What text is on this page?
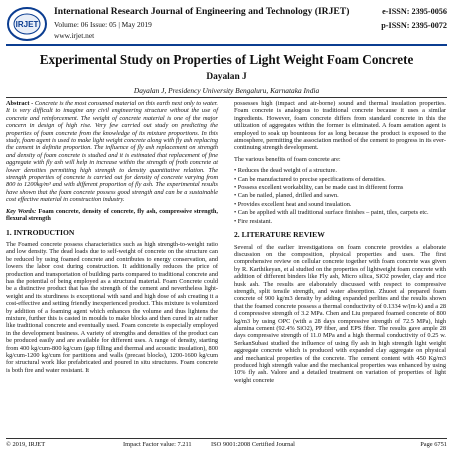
IRJET
International Research Journal of Engineering and Technology (IRJET)
Volume: 06 Issue: 05 | May 2019
www.irjet.net
e-ISSN: 2395-0056
p-ISSN: 2395-0072
Experimental Study on Properties of Light Weight Foam Concrete
Dayalan J
Dayalan J, Presidency University Bengaluru, Karnataka India

Abstract - Concrete is the most consumed material on this earth next only to water. It is very difficult to imagine any civil engineering structure without the use of concrete and reinforcement. The weight of concrete material is one of the major concern in design of high rise. Very few carried out study on predicting the properties of foam concrete from the knowledge of its mixture proportions. In this study, foam agent is used to make light weight concrete along with fly ash replacing the cement in definite proportion. The influence of fly ash replacement on strength and density of foam concrete is studied and it is estimated that replacement of fine aggregate with fly ash will help in increase within the strength of froth concrete at lower densities permitting high strength to density quantitative relation. The strength properties of concrete is carried out for density of concrete varying from 800 to 1200kg/m³ and with different proportion of fly ash. The experimental results have shown that the foam concrete possess good strength and can be a sustainable cost effective material in construction industry.

Key Words: Foam concrete, density of concrete, fly ash, compressive strength, flexural strength

1. INTRODUCTION

The Foamed concrete possess characteristics such as high strength-to-weight ratio and low density. The dead loads due to self-weight of concrete on the structure can be reduced by using foamed concrete and contributes to energy conservation, and lowers the labor cost during construction. It additionally reduces the price of production and transportation of building parts compared to traditional concrete and has the potential of being employed as a structural material. Foam Concrete could be a distinctive product that has the strength of the cement and nevertheless light-weight and its sturdiness is exceptional with sand and high dose of ash creating it a cost-effective and setting friendly inexperienced product. This mixture is volumized by addition of a foaming agent which enhances the volume and thus lightens the mixture, further this is casted in moulds to make blocks and then cured in air rather like traditional concrete and eventually used. Foam concrete is especially employed in the development business. A variety of strengths and densities of the product can be produced easily and are available for different uses. A range of density, starting from 400 kg/cum-800 kg/cum (gap filling and thermal and acoustic insulation), 800 kg/cum-1200 kg/cum for partitions and walls (precast blocks), 1200-1600 kg/cum for structural work like prefabricated and poured in situ structures. Foam concrete is both fire and water resistant. It

possesses high (impact and air-borne) sound and thermal insulation properties. Foam concrete is analogous to traditional concrete because it uses a similar ingredients. However, foam concrete differs from standard concrete in this the utilization of aggregates within the former is eliminated. A foam aeration agent is employed to soak up bounteous for as long because the product is exposed to the atmosphere, permitting the association method of the cement to progress in its ever-continuing strength development.

The various benefits of foam concrete are:

• Reduces the dead weight of a structure.
• Can be manufactured to precise specifications of densities.
• Possess excellent workability, can be made cast in different forms
• Can be nailed, planed, drilled and sawn.
• Provides excellent heat and sound insulation.
• Can be applied with all traditional surface finishes – paint, tiles, carpets etc.
• Fire resistant.
2. LITERATURE REVIEW

Several of the earlier investigations on foam concrete provides a elaborate discussion on the composition, physical properties and uses. The first comprehensive review on cellular concrete together with foam concrete was given by R. Karthikeyan, et al studied on the properties of lightweight foam concrete with addition of different binders like Fly ash, Micro silica, SiO2 powder, clay and rice husk ash. The results are elaborately discussed with respect to compressive strength, split tensile strength, and water absorption. Zhuoet al prepared foam concrete of 900 kg/m3 density by adding expanded perlites and the results shown that the foamed concrete possess a thermal conductivity of 0.1334 w/(m·k) and a 28 d compressive strength of 3.2 MPa. Chen and Liu prepared foamed concrete of 800 kg/m3 by using OPC (with a 28 days compressive strength of 72.5 MPa), high alumina cement (92.4% SiO2), PP fiber, and EPS fiber. The results gave ample 28 days compressive strength of 11.0 MPa and a high thermal conductivity of 0.25 w. SerkanSubasi studied the influence of using fly ash in high strength light weight aggregate concrete which is produced with expanded clay aggregate on physical and mechanical properties of the concrete. The cement content with 450 Kg/m3 produced high strength value and the mechanical properties was enhanced by using 10% fly ash. Valore and a detailed treatment on variation of properties of light weight concrete

© 2019, IRJET	Impact Factor value: 7.211	ISO 9001:2008 Certified Journal	Page 6751
